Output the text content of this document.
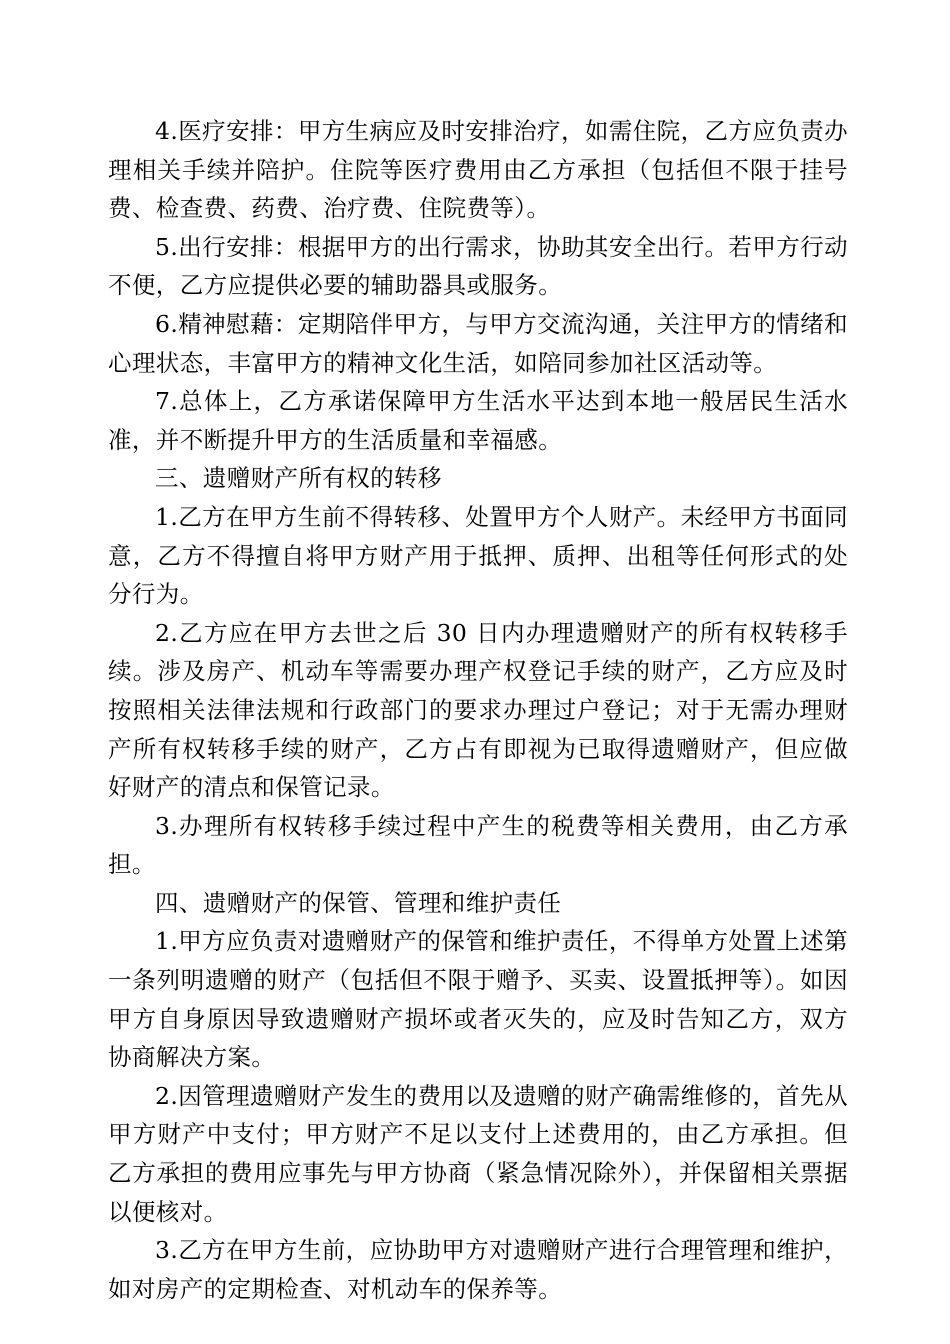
4.医疗安排：甲方生病应及时安排治疗，如需住院，乙方应负责办理相关手续并陪护。住院等医疗费用由乙方承担（包括但不限于挂号费、检查费、药费、治疗费、住院费等）。

5.出行安排：根据甲方的出行需求，协助其安全出行。若甲方行动不便，乙方应提供必要的辅助器具或服务。

6.精神慰藉：定期陪伴甲方，与甲方交流沟通，关注甲方的情绪和心理状态，丰富甲方的精神文化生活，如陪同参加社区活动等。

7.总体上，乙方承诺保障甲方生活水平达到本地一般居民生活水准，并不断提升甲方的生活质量和幸福感。

三、遗赠财产所有权的转移

1.乙方在甲方生前不得转移、处置甲方个人财产。未经甲方书面同意，乙方不得擅自将甲方财产用于抵押、质押、出租等任何形式的处分行为。

2.乙方应在甲方去世之后 30 日内办理遗赠财产的所有权转移手续。涉及房产、机动车等需要办理产权登记手续的财产，乙方应及时按照相关法律法规和行政部门的要求办理过户登记；对于无需办理财产所有权转移手续的财产，乙方占有即视为已取得遗赠财产，但应做好财产的清点和保管记录。

3.办理所有权转移手续过程中产生的税费等相关费用，由乙方承担。

四、遗赠财产的保管、管理和维护责任

1.甲方应负责对遗赠财产的保管和维护责任，不得单方处置上述第一条列明遗赠的财产（包括但不限于赠予、买卖、设置抵押等）。如因甲方自身原因导致遗赠财产损坏或者灭失的，应及时告知乙方，双方协商解决方案。

2.因管理遗赠财产发生的费用以及遗赠的财产确需维修的，首先从甲方财产中支付；甲方财产不足以支付上述费用的，由乙方承担。但乙方承担的费用应事先与甲方协商（紧急情况除外），并保留相关票据以便核对。

3.乙方在甲方生前，应协助甲方对遗赠财产进行合理管理和维护，如对房产的定期检查、对机动车的保养等。
